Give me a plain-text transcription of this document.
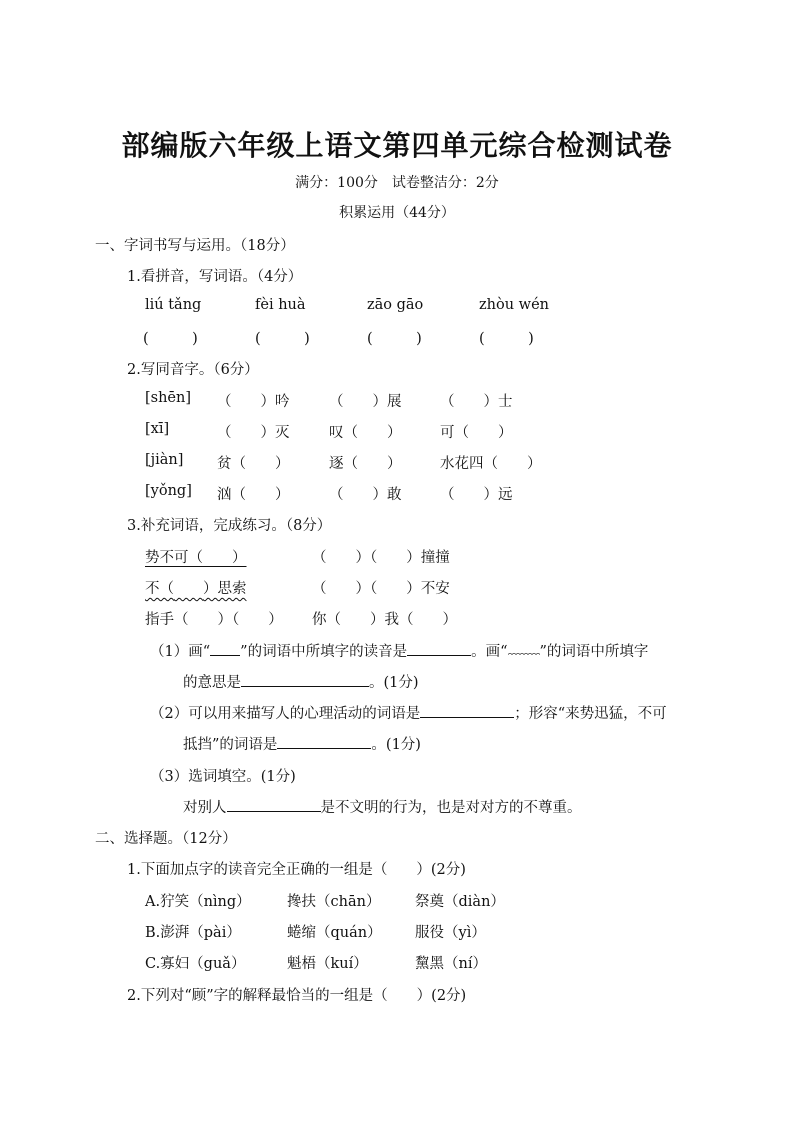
部编版六年级上语文第四单元综合检测试卷
满分：100分　试卷整洁分：2分
积累运用（44分）
一、字词书写与运用。（18分）
1.看拼音，写词语。（4分）
liú tǎng	fèi huà	zāo gāo	zhòu wén
(　　　)	(　　　)	(　　　)	(　　　)
2.写同音字。（6分）
[shēn] （　　）吟	（　　）展	（　　）士
[xī]	（　　）灭	叹（　　）	可（　　）
[jiàn] 贫（　　）	逐（　　）	水花四（　　）
[yǒng] 汹（　　）	（　　）敢	（　　）远
3.补充词语，完成练习。（8分）
势不可（　　）	（　　）（　　）撞撞
不（　　 ）思索	（　　）（　　）不安
指手（　　）（　　） 你（　　）我（　　）
（1）画“ ”的词语中所填字的读音是	。画“ ”的词语中所填字
的意思是	。(1分)
（2）可以用来描写人的心理活动的词语是	；形容“来势迅猛，不可
抵挡”的词语是	。(1分)
（3）选词填空。(1分)
对别人	是不文明的行为，也是对对方的不尊重。
二、选择题。（12分）
1.下面加点字的读音完全正确的一组是（　　）(2分)
A.狞笑（nìng）	搀扶（chān） 祭奠（diàn）
B.澎湃（pài）	蜷缩（quán） 服役（yì）
C.寡妇（guǎ）	魁梧（kuí）	黧黑（ní）
2.下列对“顾”字的解释最恰当的一组是（　　）(2分)
